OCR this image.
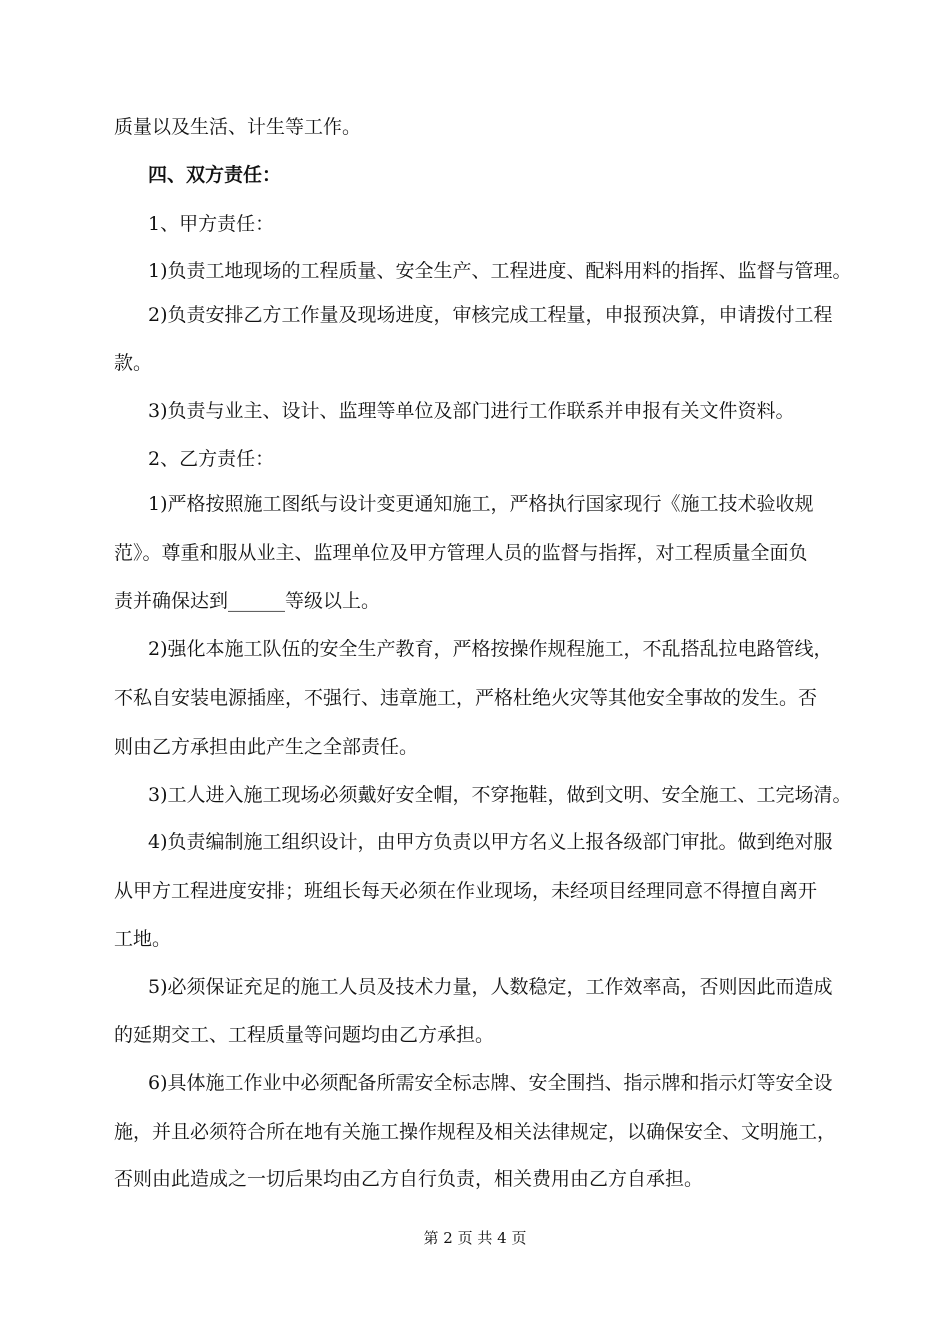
质量以及生活、计生等工作。
四、双方责任：
1、甲方责任：
1)负责工地现场的工程质量、安全生产、工程进度、配料用料的指挥、监督与管理。
2)负责安排乙方工作量及现场进度，审核完成工程量，申报预决算，申请拨付工程
款。
3)负责与业主、设计、监理等单位及部门进行工作联系并申报有关文件资料。
2、乙方责任：
1)严格按照施工图纸与设计变更通知施工，严格执行国家现行《施工技术验收规
范》。尊重和服从业主、监理单位及甲方管理人员的监督与指挥，对工程质量全面负
责并确保达到______等级以上。
2)强化本施工队伍的安全生产教育，严格按操作规程施工，不乱搭乱拉电路管线，
不私自安装电源插座，不强行、违章施工，严格杜绝火灾等其他安全事故的发生。否
则由乙方承担由此产生之全部责任。
3)工人进入施工现场必须戴好安全帽，不穿拖鞋，做到文明、安全施工、工完场清。
4)负责编制施工组织设计，由甲方负责以甲方名义上报各级部门审批。做到绝对服
从甲方工程进度安排；班组长每天必须在作业现场，未经项目经理同意不得擅自离开
工地。
5)必须保证充足的施工人员及技术力量，人数稳定，工作效率高，否则因此而造成
的延期交工、工程质量等问题均由乙方承担。
6)具体施工作业中必须配备所需安全标志牌、安全围挡、指示牌和指示灯等安全设
施，并且必须符合所在地有关施工操作规程及相关法律规定，以确保安全、文明施工，
否则由此造成之一切后果均由乙方自行负责，相关费用由乙方自承担。
第 2 页 共 4 页
